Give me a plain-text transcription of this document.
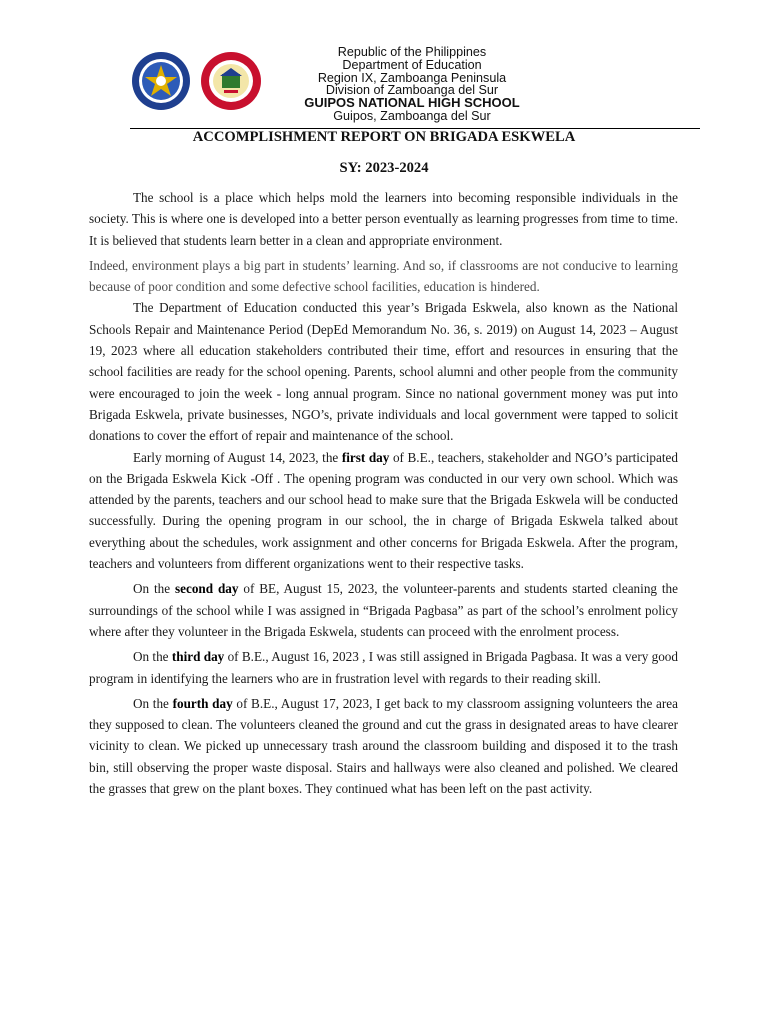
Republic of the Philippines
Department of Education
Region IX, Zamboanga Peninsula
Division of Zamboanga del Sur
GUIPOS NATIONAL HIGH SCHOOL
Guipos, Zamboanga del Sur
ACCOMPLISHMENT REPORT ON BRIGADA ESKWELA
SY: 2023-2024

The school is a place which helps mold the learners into becoming responsible individuals in the society. This is where one is developed into a better person eventually as learning progresses from time to time. It is believed that students learn better in a clean and appropriate environment.

Indeed, environment plays a big part in students’ learning. And so, if classrooms are not conducive to learning because of poor condition and some defective school facilities, education is hindered.

The Department of Education conducted this year’s Brigada Eskwela, also known as the National Schools Repair and Maintenance Period (DepEd Memorandum No. 36, s. 2019) on August 14, 2023 – August 19, 2023 where all education stakeholders contributed their time, effort and resources in ensuring that the school facilities are ready for the school opening. Parents, school alumni and other people from the community were encouraged to join the week - long annual program. Since no national government money was put into Brigada Eskwela, private businesses, NGO’s, private individuals and local government were tapped to solicit donations to cover the effort of repair and maintenance of the school.

Early morning of August 14, 2023, the first day of B.E., teachers, stakeholder and NGO’s participated on the Brigada Eskwela Kick -Off . The opening program was conducted in our very own school. Which was attended by the parents, teachers and our school head to make sure that the Brigada Eskwela will be conducted successfully. During the opening program in our school, the in charge of Brigada Eskwela talked about everything about the schedules, work assignment and other concerns for Brigada Eskwela. After the program, teachers and volunteers from different organizations went to their respective tasks.

On the second day of BE, August 15, 2023, the volunteer-parents and students started cleaning the surroundings of the school while I was assigned in “Brigada Pagbasa” as part of the school’s enrolment policy where after they volunteer in the Brigada Eskwela, students can proceed with the enrolment process.

On the third day of B.E., August 16, 2023 , I was still assigned in Brigada Pagbasa. It was a very good program in identifying the learners who are in frustration level with regards to their reading skill.

On the fourth day of B.E., August 17, 2023, I get back to my classroom assigning volunteers the area they supposed to clean. The volunteers cleaned the ground and cut the grass in designated areas to have clearer vicinity to clean. We picked up unnecessary trash around the classroom building and disposed it to the trash bin, still observing the proper waste disposal. Stairs and hallways were also cleaned and polished. We cleared the grasses that grew on the plant boxes. They continued what has been left on the past activity.
